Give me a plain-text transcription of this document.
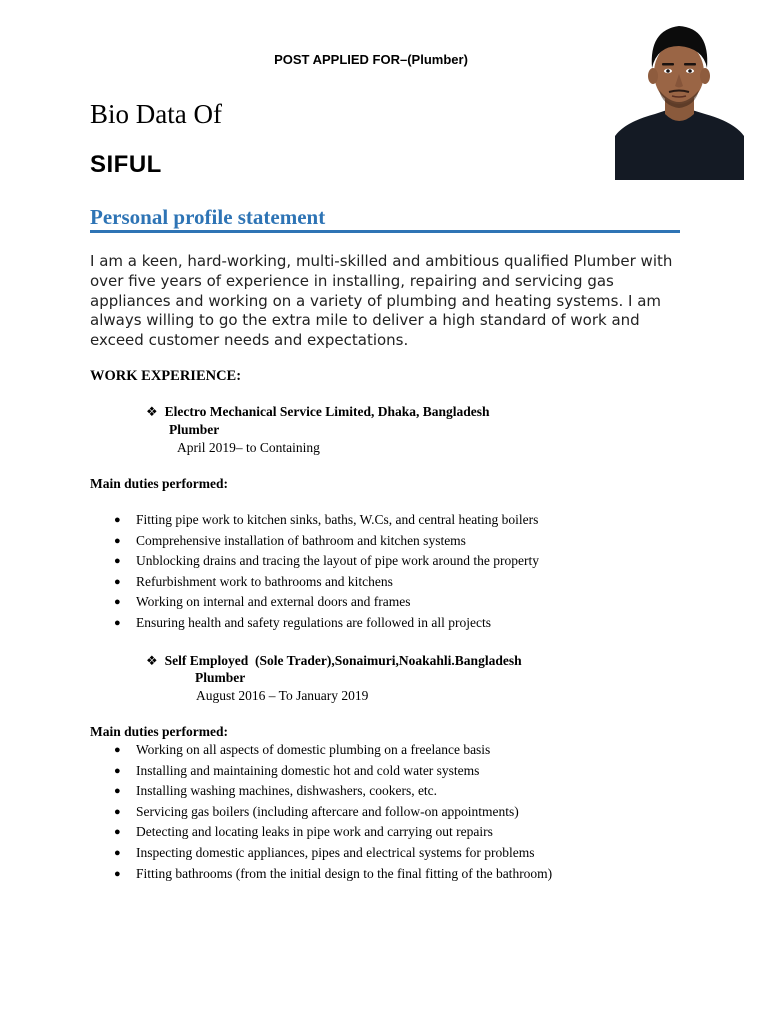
POST APPLIED FOR–(Plumber)
Bio Data Of
SIFUL
Personal profile statement
I am a keen, hard-working, multi-skilled and ambitious qualified Plumber with over five years of experience in installing, repairing and servicing gas appliances and working on a variety of plumbing and heating systems. I am always willing to go the extra mile to deliver a high standard of work and exceed customer needs and expectations.
WORK EXPERIENCE:
❖ Electro Mechanical Service Limited, Dhaka, Bangladesh
Plumber
April 2019– to Containing
Main duties performed:
● Fitting pipe work to kitchen sinks, baths, W.Cs, and central heating boilers
● Comprehensive installation of bathroom and kitchen systems
● Unblocking drains and tracing the layout of pipe work around the property
● Refurbishment work to bathrooms and kitchens
● Working on internal and external doors and frames
● Ensuring health and safety regulations are followed in all projects
❖ Self Employed  (Sole Trader),Sonaimuri,Noakahli.Bangladesh
Plumber
August 2016 – To January 2019
Main duties performed:
● Working on all aspects of domestic plumbing on a freelance basis
● Installing and maintaining domestic hot and cold water systems
● Installing washing machines, dishwashers, cookers, etc.
● Servicing gas boilers (including aftercare and follow-on appointments)
● Detecting and locating leaks in pipe work and carrying out repairs
● Inspecting domestic appliances, pipes and electrical systems for problems
● Fitting bathrooms (from the initial design to the final fitting of the bathroom)
